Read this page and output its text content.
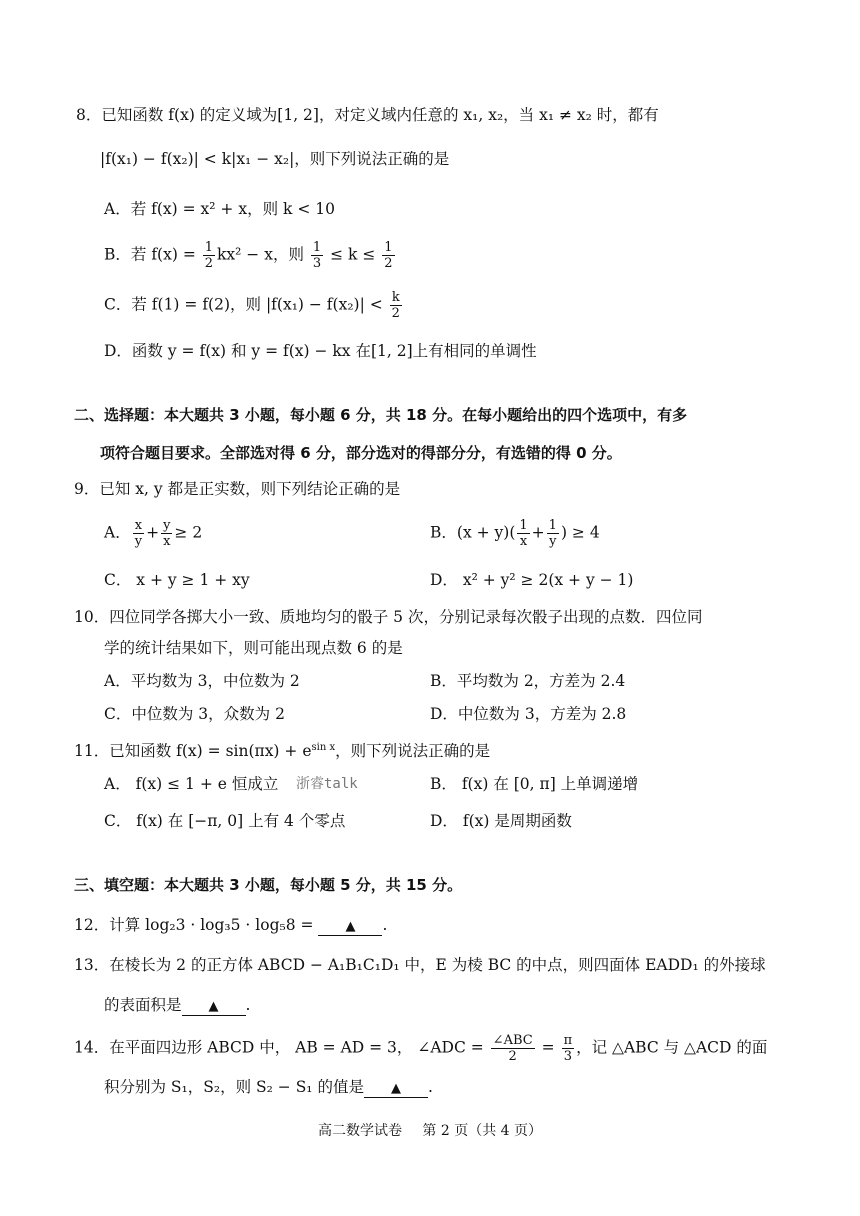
8．已知函数 f(x) 的定义域为[1, 2]，对定义域内任意的 x₁, x₂，当 x₁ ≠ x₂ 时，都有
|f(x₁) − f(x₂)| < k|x₁ − x₂|，则下列说法正确的是
A．若 f(x) = x² + x，则 k < 10
B．若 $f(x) = \frac{1}{2} kx^2 - x$，则 $\frac{1}{3} \le k \le \frac{1}{2}$
C．若 f(1) = f(2)，则 $|f(x_1) - f(x_2)| < \frac{k}{2}$
D．函数 y = f(x) 和 y = f(x) − kx 在[1, 2]上有相同的单调性
二、选择题：本大题共 3 小题，每小题 6 分，共 18 分。在每小题给出的四个选项中，有多
项符合题目要求。全部选对得 6 分，部分选对的得部分分，有选错的得 0 分。
9．已知 x, y 都是正实数，则下列结论正确的是
A． $\frac{x}{y} + \frac{y}{x} \ge 2$	B．$(x + y)( \frac{1}{x} + \frac{1}{y}$ ) ≥ 4
C． x + y ≥ 1 + xy	D． x² + y² ≥ 2(x + y − 1)
10．四位同学各掷大小一致、质地均匀的骰子 5 次，分别记录每次骰子出现的点数．四位同
学的统计结果如下，则可能出现点数 6 的是
A．平均数为 3，中位数为 2	B．平均数为 2，方差为 2.4
C．中位数为 3，众数为 2	D．中位数为 3，方差为 2.8
11．已知函数 $f(x) = \sin(\pi x) + e^{sin x}$，则下列说法正确的是
A． f(x) ≤ 1 + e 恒成立 浙睿talk	B． f(x) 在 [0, π] 上单调递增
C． f(x) 在 [−π, 0] 上有 4 个零点	D． f(x) 是周期函数
三、填空题：本大题共 3 小题，每小题 5 分，共 15 分。
12．计算 log₂3 · log₃5 · log₅8 = ▲ .
13．在棱长为 2 的正方体 ABCD − A₁B₁C₁D₁ 中，E 为棱 BC 的中点，则四面体 EADD₁ 的外接球
的表面积是 ▲ .
14．在平面四边形 ABCD 中， AB = AD = 3， ∠ADC = $\frac{\text{∠ABC}}{2} = \frac{\pi}{3}$ ，记 △ABC 与 △ACD 的面
积分别为 S₁，S₂，则 S₂ − S₁ 的值是 ▲ .
高二数学试卷 第 2 页（共 4 页）
